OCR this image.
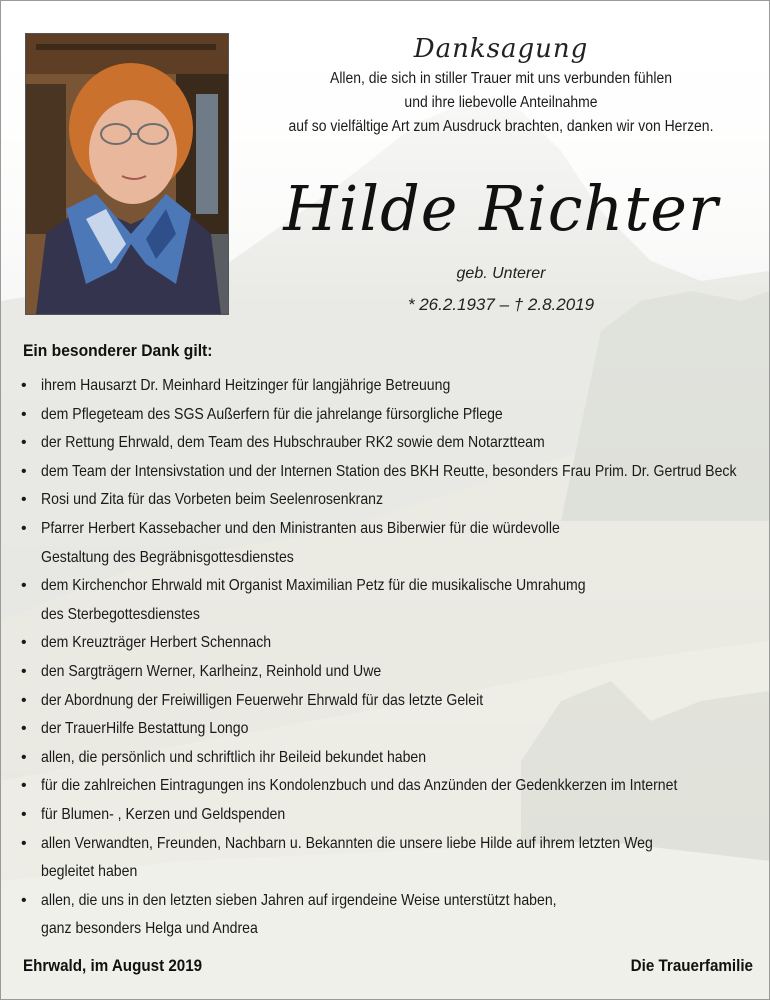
Danksagung
Allen, die sich in stiller Trauer mit uns verbunden fühlen
und ihre liebevolle Anteilnahme
auf so vielfältige Art zum Ausdruck brachten, danken wir von Herzen.
Hilde Richter
geb. Unterer
* 26.2.1937 – † 2.8.2019
Ein besonderer Dank gilt:
• ihrem Hausarzt Dr. Meinhard Heitzinger für langjährige Betreuung
• dem Pflegeteam des SGS Außerfern für die jahrelange fürsorgliche Pflege
• der Rettung Ehrwald, dem Team des Hubschrauber RK2 sowie dem Notarztteam
• dem Team der Intensivstation und der Internen Station des BKH Reutte, besonders Frau Prim. Dr. Gertrud Beck
• Rosi und Zita für das Vorbeten beim Seelenrosenkranz
• Pfarrer Herbert Kassebacher und den Ministranten aus Biberwier für die würdevolle
Gestaltung des Begräbnisgottesdienstes
• dem Kirchenchor Ehrwald mit Organist Maximilian Petz für die musikalische Umrahumg
des Sterbegottesdienstes
• dem Kreuzträger Herbert Schennach
• den Sargträgern Werner, Karlheinz, Reinhold und Uwe
• der Abordnung der Freiwilligen Feuerwehr Ehrwald für das letzte Geleit
• der TrauerHilfe Bestattung Longo
• allen, die persönlich und schriftlich ihr Beileid bekundet haben
• für die zahlreichen Eintragungen ins Kondolenzbuch und das Anzünden der Gedenkkerzen im Internet
• für Blumen- , Kerzen und Geldspenden
• allen Verwandten, Freunden, Nachbarn u. Bekannten die unsere liebe Hilde auf ihrem letzten Weg
begleitet haben
• allen, die uns in den letzten sieben Jahren auf irgendeine Weise unterstützt haben,
ganz besonders Helga und Andrea
Ehrwald, im August 2019	Die Trauerfamilie
